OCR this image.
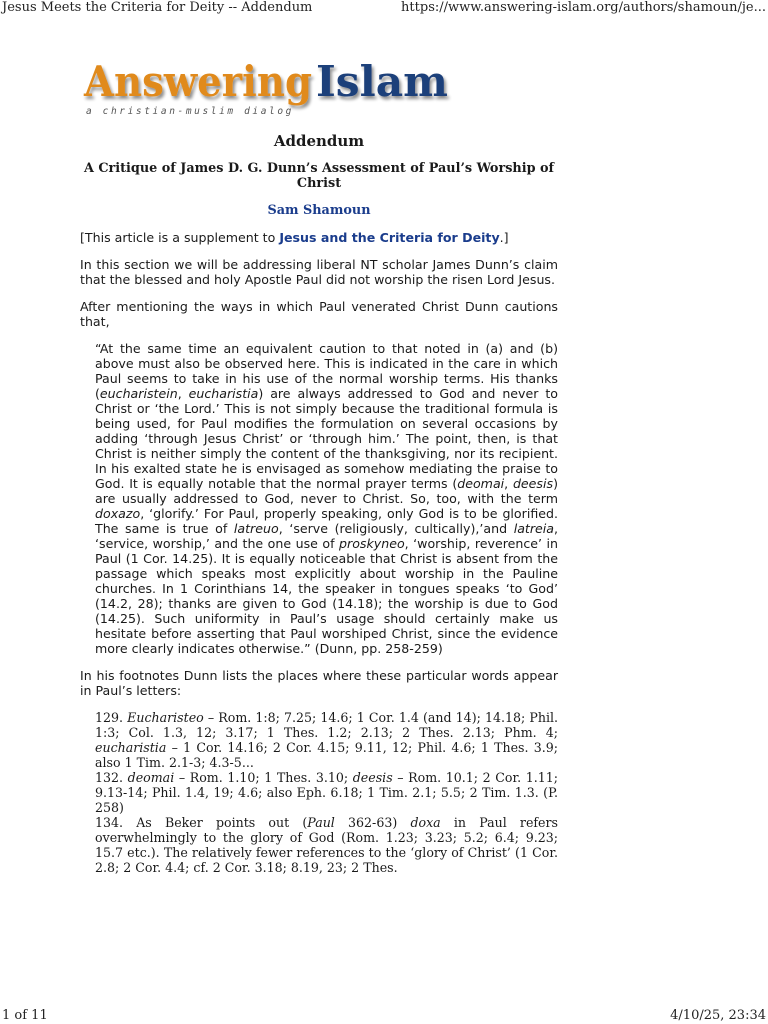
Jesus Meets the Criteria for Deity -- Addendum	https://www.answering-islam.org/authors/shamoun/je...
Answering Islam
a christian-muslim dialog
Addendum
A Critique of James D. G. Dunn’s Assessment of Paul’s Worship of Christ
Sam Shamoun

[This article is a supplement to Jesus and the Criteria for Deity.]

In this section we will be addressing liberal NT scholar James Dunn’s claim that the blessed and holy Apostle Paul did not worship the risen Lord Jesus.

After mentioning the ways in which Paul venerated Christ Dunn cautions that,

“At the same time an equivalent caution to that noted in (a) and (b) above must also be observed here. This is indicated in the care in which Paul seems to take in his use of the normal worship terms. His thanks (eucharistein, eucharistia) are always addressed to God and never to Christ or ‘the Lord.’ This is not simply because the traditional formula is being used, for Paul modifies the formulation on several occasions by adding ‘through Jesus Christ’ or ‘through him.’ The point, then, is that Christ is neither simply the content of the thanksgiving, nor its recipient. In his exalted state he is envisaged as somehow mediating the praise to God. It is equally notable that the normal prayer terms (deomai, deesis) are usually addressed to God, never to Christ. So, too, with the term doxazo, ‘glorify.’ For Paul, properly speaking, only God is to be glorified. The same is true of latreuo, ‘serve (religiously, cultically),’and latreia, ‘service, worship,’ and the one use of proskyneo, ‘worship, reverence’ in Paul (1 Cor. 14.25). It is equally noticeable that Christ is absent from the passage which speaks most explicitly about worship in the Pauline churches. In 1 Corinthians 14, the speaker in tongues speaks ‘to God’ (14.2, 28); thanks are given to God (14.18); the worship is due to God (14.25). Such uniformity in Paul’s usage should certainly make us hesitate before asserting that Paul worshiped Christ, since the evidence more clearly indicates otherwise.” (Dunn, pp. 258-259)

In his footnotes Dunn lists the places where these particular words appear in Paul’s letters:

129. Eucharisteo – Rom. 1:8; 7.25; 14.6; 1 Cor. 1.4 (and 14); 14.18; Phil. 1:3; Col. 1.3, 12; 3.17; 1 Thes. 1.2; 2.13; 2 Thes. 2.13; Phm. 4; eucharistia – 1 Cor. 14.16; 2 Cor. 4.15; 9.11, 12; Phil. 4.6; 1 Thes. 3.9; also 1 Tim. 2.1-3; 4.3-5...

132. deomai – Rom. 1.10; 1 Thes. 3.10; deesis – Rom. 10.1; 2 Cor. 1.11; 9.13-14; Phil. 1.4, 19; 4.6; also Eph. 6.18; 1 Tim. 2.1; 5.5; 2 Tim. 1.3. (P. 258)

134. As Beker points out (Paul 362-63) doxa in Paul refers overwhelmingly to the glory of God (Rom. 1.23; 3.23; 5.2; 6.4; 9.23; 15.7 etc.). The relatively fewer references to the ‘glory of Christ’ (1 Cor. 2.8; 2 Cor. 4.4; cf. 2 Cor. 3.18; 8.19, 23; 2 Thes.

1 of 11	4/10/25, 23:34
